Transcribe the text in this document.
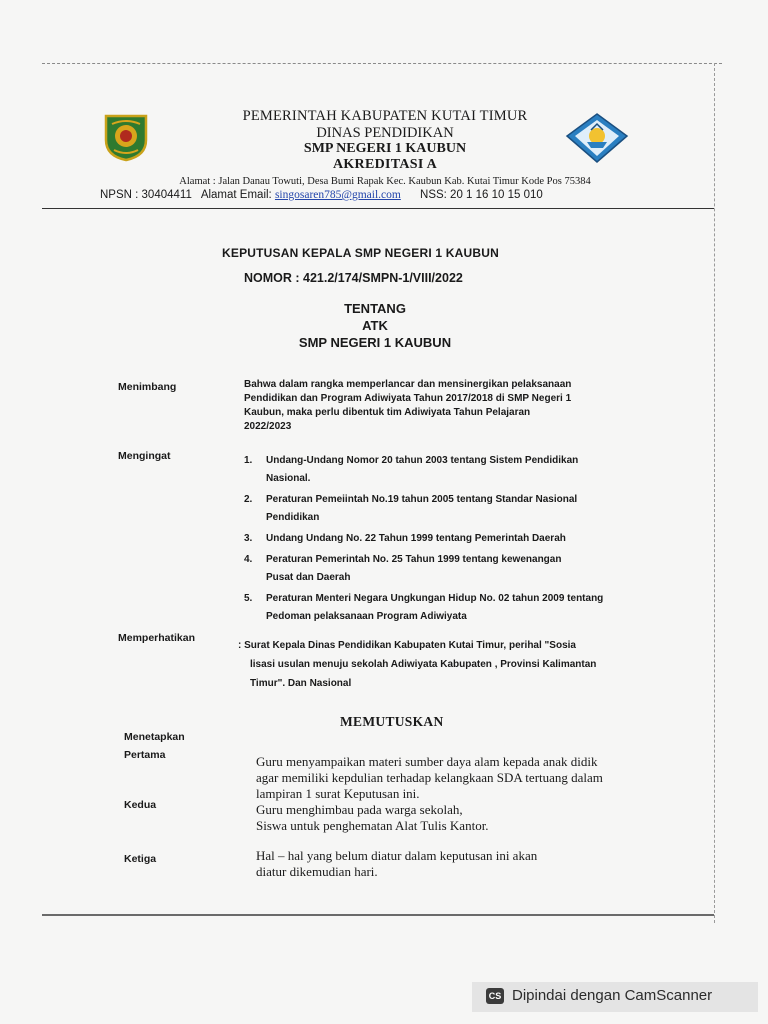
PEMERINTAH KABUPATEN KUTAI TIMUR
DINAS PENDIDIKAN
SMP NEGERI 1 KAUBUN
AKREDITASI A
Alamat : Jalan Danau Towuti, Desa Bumi Rapak Kec. Kaubun Kab. Kutai Timur Kode Pos 75384
NPSN : 30404411 Alamat Email: singosaren785@gmail.com NSS: 20 1 16 10 15 010
KEPUTUSAN KEPALA SMP NEGERI 1 KAUBUN
NOMOR : 421.2/174/SMPN-1/VIII/2022
TENTANG
ATK
SMP NEGERI 1 KAUBUN
Menimbang	Bahwa dalam rangka memperlancar dan mensinergikan pelaksanaan
Pendidikan dan Program Adiwiyata Tahun 2017/2018 di SMP Negeri 1
Kaubun, maka perlu dibentuk tim Adiwiyata Tahun Pelajaran
2022/2023
Mengingat	1. Undang-Undang Nomor 20 tahun 2003 tentang Sistem Pendidikan
Nasional.
2. Peraturan Pemeiintah No.19 tahun 2005 tentang Standar Nasional
Pendidikan
3. Undang Undang No. 22 Tahun 1999 tentang Pemerintah Daerah
4. Peraturan Pemerintah No. 25 Tahun 1999 tentang kewenangan
Pusat dan Daerah
5. Peraturan Menteri Negara Ungkungan Hidup No. 02 tahun 2009 tentang
Pedoman pelaksanaan Program Adiwiyata
Memperhatikan
: Surat Kepala Dinas Pendidikan Kabupaten Kutai Timur, perihal "Sosia
lisasi usulan menuju sekolah Adiwiyata Kabupaten , Provinsi Kalimantan
Timur". Dan Nasional
MEMUTUSKAN
Menetapkan
Pertama	Guru menyampaikan materi sumber daya alam kepada anak didik
agar memiliki kepdulian terhadap kelangkaan SDA tertuang dalam
lampiran 1 surat Keputusan ini.
Kedua	Guru menghimbau pada warga sekolah,
Siswa untuk penghematan Alat Tulis Kantor.
Ketiga	Hal – hal yang belum diatur dalam keputusan ini akan
diatur dikemudian hari.
CS Dipindai dengan CamScanner
